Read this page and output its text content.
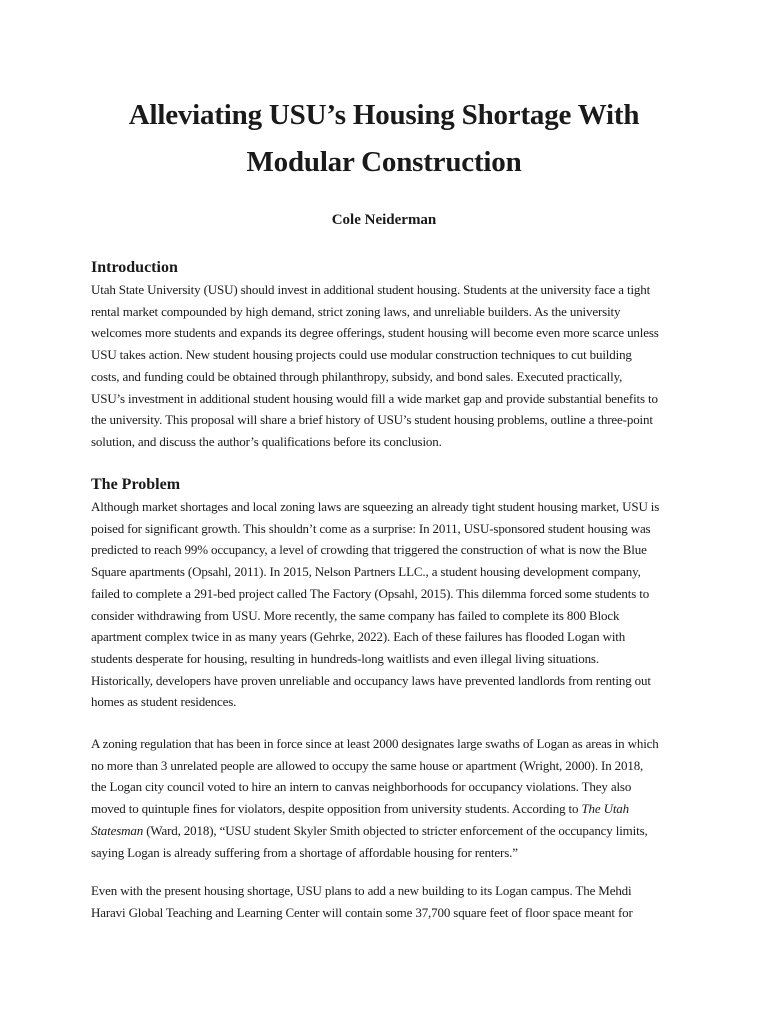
Alleviating USU’s Housing Shortage With
Modular Construction

Cole Neiderman

Introduction

Utah State University (USU) should invest in additional student housing. Students at the university face a tight
rental market compounded by high demand, strict zoning laws, and unreliable builders. As the university
welcomes more students and expands its degree offerings, student housing will become even more scarce unless
USU takes action. New student housing projects could use modular construction techniques to cut building
costs, and funding could be obtained through philanthropy, subsidy, and bond sales. Executed practically,
USU’s investment in additional student housing would fill a wide market gap and provide substantial benefits to
the university. This proposal will share a brief history of USU’s student housing problems, outline a three-point
solution, and discuss the author’s qualifications before its conclusion.

The Problem

Although market shortages and local zoning laws are squeezing an already tight student housing market, USU is
poised for significant growth. This shouldn’t come as a surprise: In 2011, USU-sponsored student housing was
predicted to reach 99% occupancy, a level of crowding that triggered the construction of what is now the Blue
Square apartments (Opsahl, 2011). In 2015, Nelson Partners LLC., a student housing development company,
failed to complete a 291-bed project called The Factory (Opsahl, 2015). This dilemma forced some students to
consider withdrawing from USU. More recently, the same company has failed to complete its 800 Block
apartment complex twice in as many years (Gehrke, 2022). Each of these failures has flooded Logan with
students desperate for housing, resulting in hundreds-long waitlists and even illegal living situations.
Historically, developers have proven unreliable and occupancy laws have prevented landlords from renting out
homes as student residences.

A zoning regulation that has been in force since at least 2000 designates large swaths of Logan as areas in which
no more than 3 unrelated people are allowed to occupy the same house or apartment (Wright, 2000). In 2018,
the Logan city council voted to hire an intern to canvas neighborhoods for occupancy violations. They also
moved to quintuple fines for violators, despite opposition from university students. According to The Utah
Statesman (Ward, 2018), “USU student Skyler Smith objected to stricter enforcement of the occupancy limits,
saying Logan is already suffering from a shortage of affordable housing for renters.”

Even with the present housing shortage, USU plans to add a new building to its Logan campus. The Mehdi
Haravi Global Teaching and Learning Center will contain some 37,700 square feet of floor space meant for
